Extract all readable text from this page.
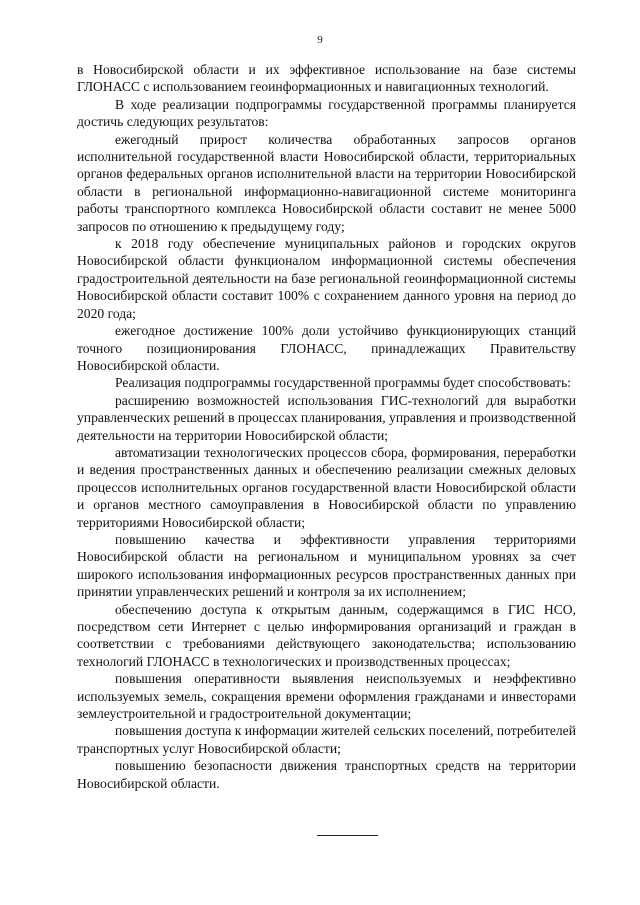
9

в Новосибирской области и их эффективное использование на базе системы ГЛОНАСС с использованием геоинформационных и навигационных технологий.

В ходе реализации подпрограммы государственной программы планируется достичь следующих результатов:

ежегодный прирост количества обработанных запросов органов исполнительной государственной власти Новосибирской области, территориальных органов федеральных органов исполнительной власти на территории Новосибирской области в региональной информационно-навигационной системе мониторинга работы транспортного комплекса Новосибирской области составит не менее 5000 запросов по отношению к предыдущему году;

к 2018 году обеспечение муниципальных районов и городских округов Новосибирской области функционалом информационной системы обеспечения градостроительной деятельности на базе региональной геоинформационной системы Новосибирской области составит 100% с сохранением данного уровня на период до 2020 года;

ежегодное достижение 100% доли устойчиво функционирующих станций точного позиционирования ГЛОНАСС, принадлежащих Правительству Новосибирской области.

Реализация подпрограммы государственной программы будет способствовать:

расширению возможностей использования ГИС-технологий для выработки управленческих решений в процессах планирования, управления и производственной деятельности на территории Новосибирской области;

автоматизации технологических процессов сбора, формирования, переработки и ведения пространственных данных и обеспечению реализации смежных деловых процессов исполнительных органов государственной власти Новосибирской области и органов местного самоуправления в Новосибирской области по управлению территориями Новосибирской области;

повышению качества и эффективности управления территориями Новосибирской области на региональном и муниципальном уровнях за счет широкого использования информационных ресурсов пространственных данных при принятии управленческих решений и контроля за их исполнением;

обеспечению доступа к открытым данным, содержащимся в ГИС НСО, посредством сети Интернет с целью информирования организаций и граждан в соответствии с требованиями действующего законодательства; использованию технологий ГЛОНАСС в технологических и производственных процессах;

повышения оперативности выявления неиспользуемых и неэффективно используемых земель, сокращения времени оформления гражданами и инвесторами землеустроительной и градостроительной документации;

повышения доступа к информации жителей сельских поселений, потребителей транспортных услуг Новосибирской области;

повышению безопасности движения транспортных средств на территории Новосибирской области.
